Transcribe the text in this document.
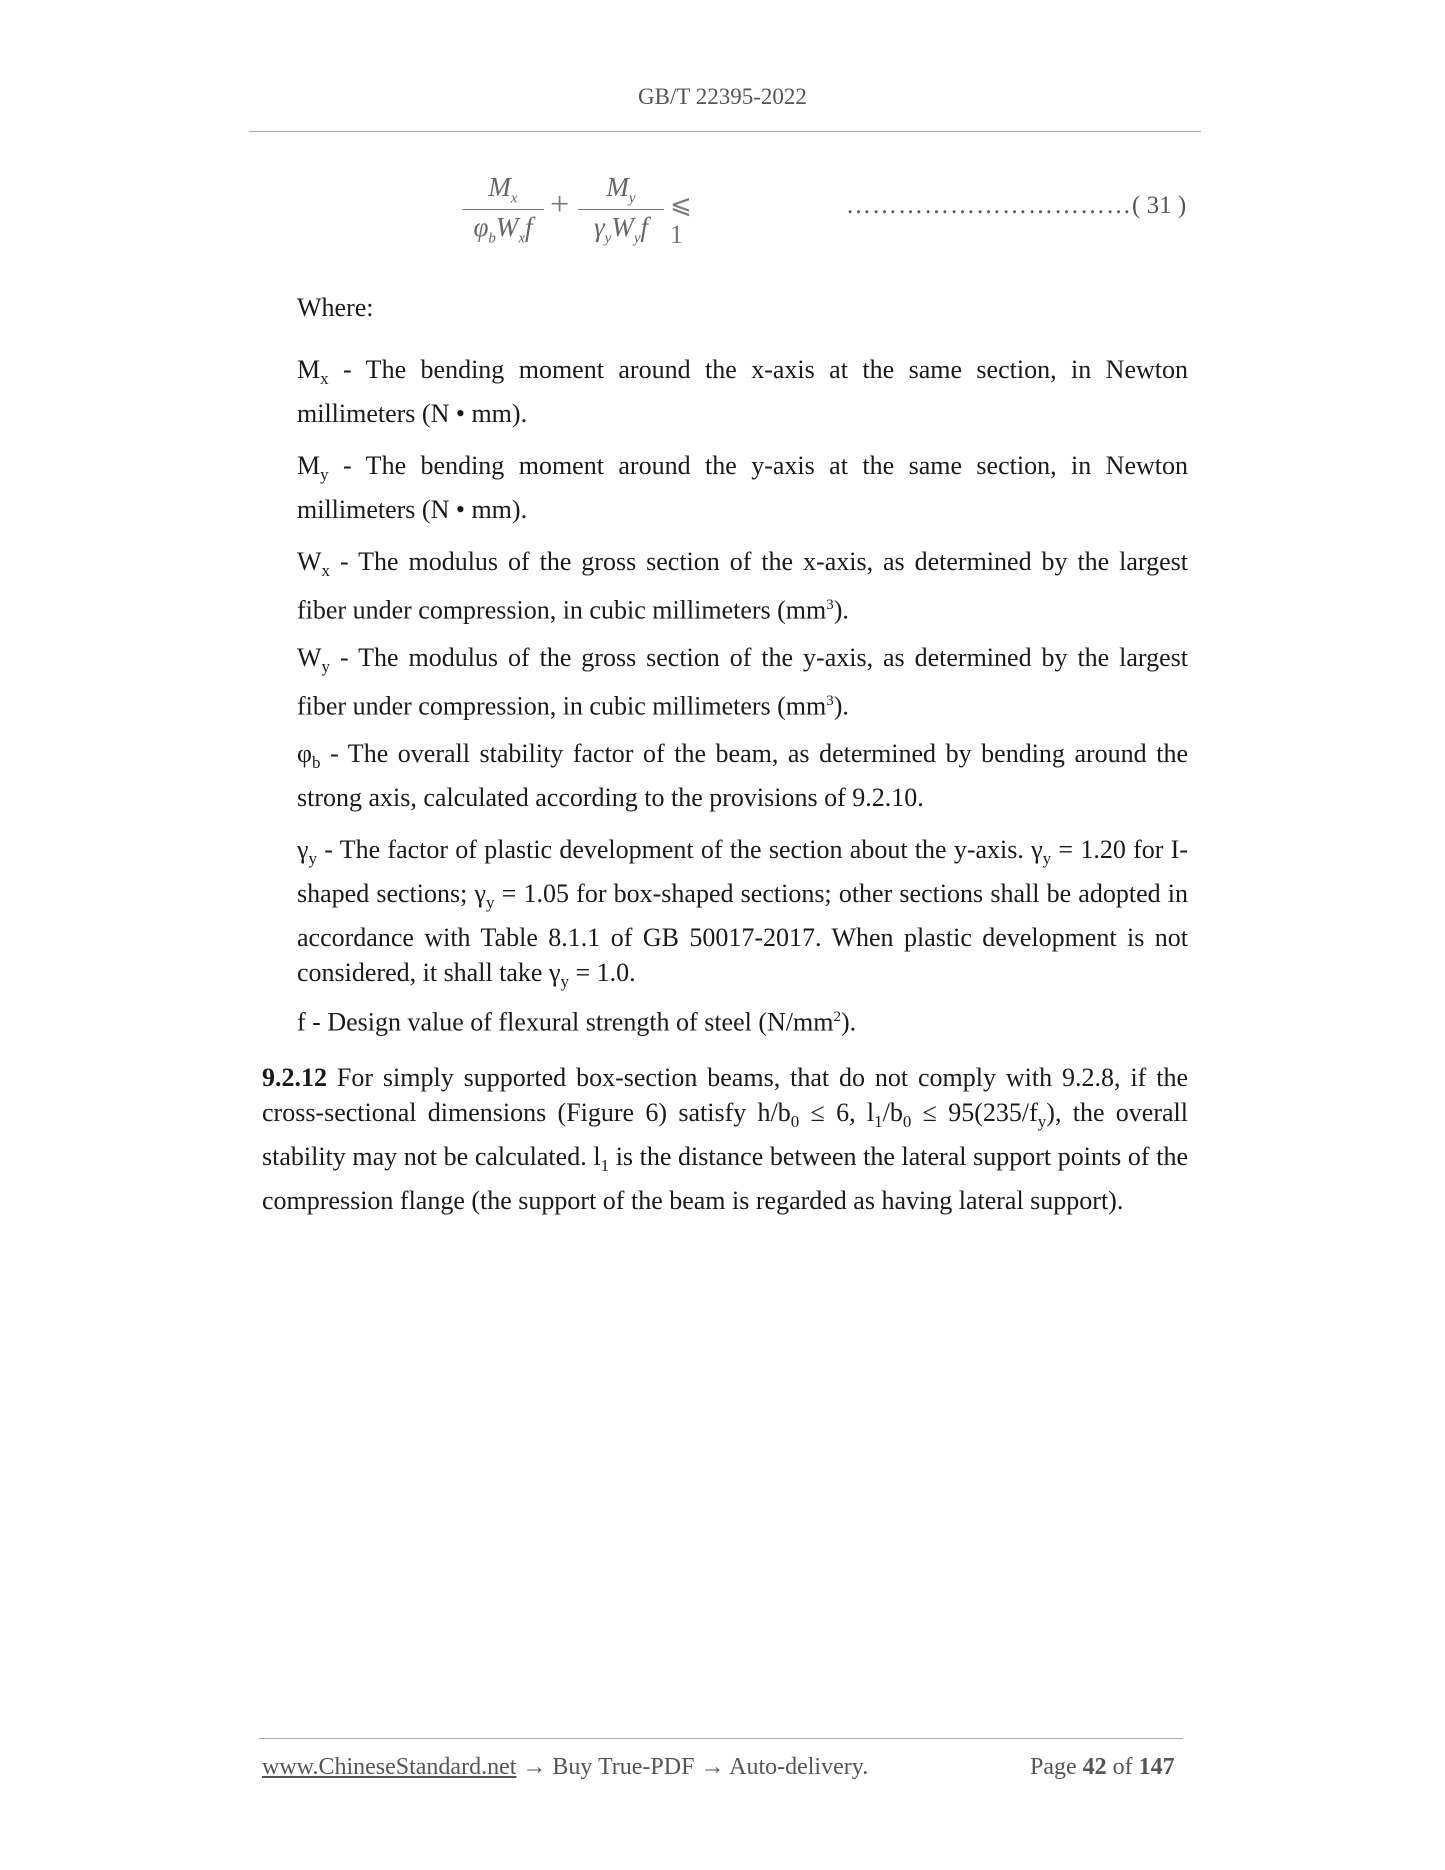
GB/T 22395-2022
$M_x$
$\varphi_bW_xf$
+	$M_y$
$\gamma_yW_yf$
⩽ 1
……………………………( 31 )
Where:
$M_x$ - The bending moment around the x-axis at the same section, in Newton millimeters (N • mm).
$M_y$ - The bending moment around the y-axis at the same section, in Newton millimeters (N • mm).
$W_x$ - The modulus of the gross section of the x-axis, as determined by the largest fiber under compression, in cubic millimeters $(mm^3)$.
$W_y$ - The modulus of the gross section of the y-axis, as determined by the largest fiber under compression, in cubic millimeters $(mm^3)$.
$\varphi_b$ - The overall stability factor of the beam, as determined by bending around the strong axis, calculated according to the provisions of 9.2.10.
$\gamma_y$ - The factor of plastic development of the section about the y-axis. $\gamma_y = 1.20$ for I-shaped sections; $\gamma_y = 1.05$ for box-shaped sections; other sections shall be adopted in accordance with Table 8.1.1 of GB 50017-2017. When plastic development is not considered, it shall take $\gamma_y = 1.0$.
f - Design value of flexural strength of steel $(N/mm^2)$.
9.2.12 For simply supported box-section beams, that do not comply with 9.2.8, if the cross-sectional dimensions (Figure 6) satisfy $h/b_0 \le 6$, $l_1/b_0 \le 95(235/f_y)$, the overall stability may not be calculated. $l_1$ is the distance between the lateral support points of the compression flange (the support of the beam is regarded as having lateral support).
www.ChineseStandard.net → Buy True-PDF → Auto-delivery.	Page 42 of 147
